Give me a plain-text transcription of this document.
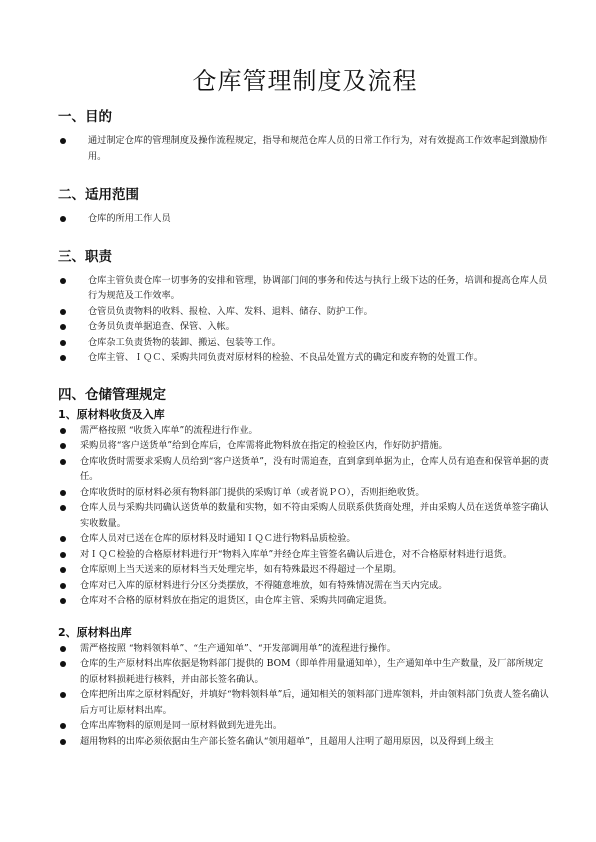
仓库管理制度及流程
一、目的
通过制定仓库的管理制度及操作流程规定，指导和规范仓库人员的日常工作行为，对有效提高工作效率起到激励作用。
二、适用范围
仓库的所用工作人员
三、职责
仓库主管负责仓库一切事务的安排和管理，协调部门间的事务和传达与执行上级下达的任务，培训和提高仓库人员行为规范及工作效率。
仓管员负责物料的收料、报检、入库、发料、退料、储存、防护工作。
仓务员负责单据追查、保管、入帐。
仓库杂工负责货物的装卸、搬运、包装等工作。
仓库主管、ＩＱＣ、采购共同负责对原材料的检验、不良品处置方式的确定和废弃物的处置工作。
四、仓储管理规定
1、原材料收货及入库
需严格按照 “收货入库单”的流程进行作业。
采购员将“客户送货单”给到仓库后，仓库需将此物料放在指定的检验区内，作好防护措施。
仓库收货时需要求采购人员给到“客户送货单”，没有时需追查，直到拿到单据为止，仓库人员有追查和保管单据的责任。
仓库收货时的原材料必须有物料部门提供的采购订单（或者说ＰＯ），否则拒绝收货。
仓库人员与采购共同确认送货单的数量和实物，如不符由采购人员联系供货商处理，并由采购人员在送货单签字确认实收数量。
仓库人员对已送在仓库的原材料及时通知ＩＱＣ进行物料品质检验。
对ＩＱＣ检验的合格原材料进行开“物料入库单”并经仓库主管签名确认后进仓，对不合格原材料进行退货。
仓库原则上当天送来的原材料当天处理完毕，如有特殊最迟不得超过一个星期。
仓库对已入库的原材料进行分区分类摆放，不得随意堆放，如有特殊情况需在当天内完成。
仓库对不合格的原材料放在指定的退货区，由仓库主管、采购共同确定退货。
2、原材料出库
需严格按照 “物料领料单”、“生产通知单”、“开发部调用单”的流程进行操作。
仓库的生产原材料出库依据是物料部门提供的 BOM（即单件用量通知单），生产通知单中生产数量，及厂部所规定的原材料损耗进行核料，并由部长签名确认。
仓库把所出库之原材料配好，并填好“物料领料单”后，通知相关的领料部门进库领料，并由领料部门负责人签名确认后方可让原材料出库。
仓库出库物料的原则是同一原材料做到先进先出。
超用物料的出库必须依据由生产部长签名确认“领用超单”，且超用人注明了超用原因，以及得到上级主
